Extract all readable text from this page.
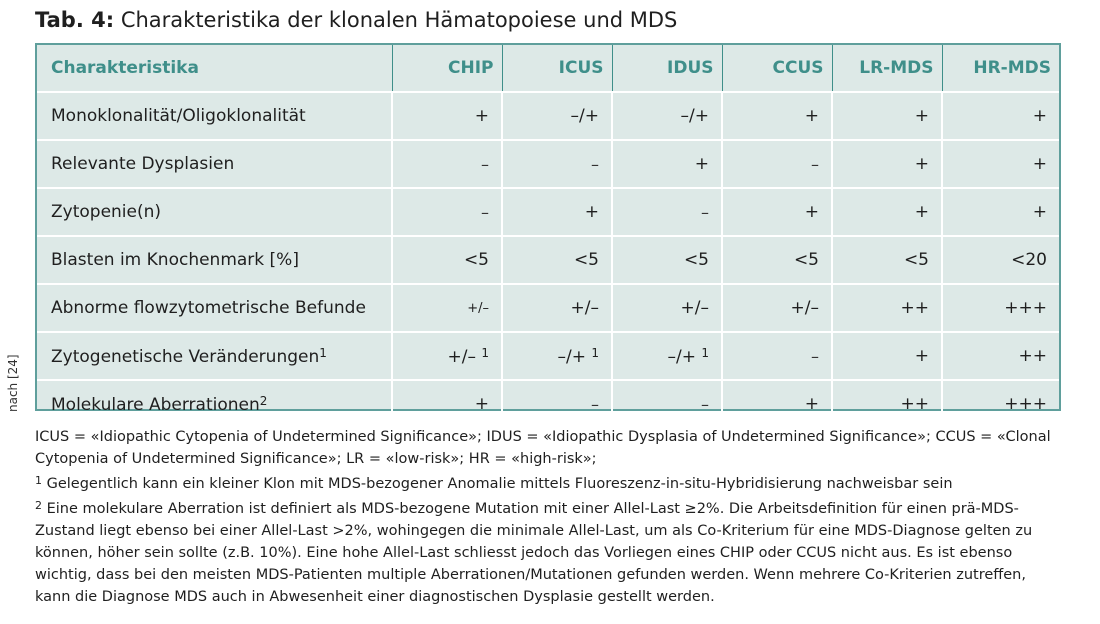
Tab. 4: Charakteristika der klonalen Hämatopoiese und MDS
nach [24]
Charakteristika	CHIP	ICUS	IDUS	CCUS	LR-MDS	HR-MDS
Monoklonalität/Oligoklonalität	+	–/+	–/+	+	+	+
Relevante Dysplasien	–	–	+	–	+	+
Zytopenie(n)	–	+	–	+	+	+
Blasten im Knochenmark [%]	<5	<5	<5	<5	<5	<20
Abnorme flowzytometrische Befunde	+/–	+/–	+/–	+/–	++	+++
Zytogenetische Veränderungen$^1$	+/– $^1$	–/+ $^1$	–/+ $^1$	–	+	++
Molekulare Aberrationen$^2$	+	–	–	+	++	+++

ICUS = «Idiopathic Cytopenia of Undetermined Significance»; IDUS = «Idiopathic Dysplasia of Undetermined Significance»; CCUS = «Clonal Cytopenia of Undetermined Significance»; LR = «low-risk»; HR = «high-risk»;

$^1$ Gelegentlich kann ein kleiner Klon mit MDS-bezogener Anomalie mittels Fluoreszenz-in-situ-Hybridisierung nachweisbar sein

$^2$ Eine molekulare Aberration ist definiert als MDS-bezogene Mutation mit einer Allel-Last ≥2%. Die Arbeitsdefinition für einen prä-MDS-Zustand liegt ebenso bei einer Allel-Last >2%, wohingegen die minimale Allel-Last, um als Co-Kriterium für eine MDS-Diagnose gelten zu können, höher sein sollte (z.B. 10%). Eine hohe Allel-Last schliesst jedoch das Vorliegen eines CHIP oder CCUS nicht aus. Es ist ebenso wichtig, dass bei den meisten MDS-Patienten multiple Aberrationen/Mutationen gefunden werden. Wenn mehrere Co-Kriterien zutreffen, kann die Diagnose MDS auch in Abwesenheit einer diagnostischen Dysplasie gestellt werden.
